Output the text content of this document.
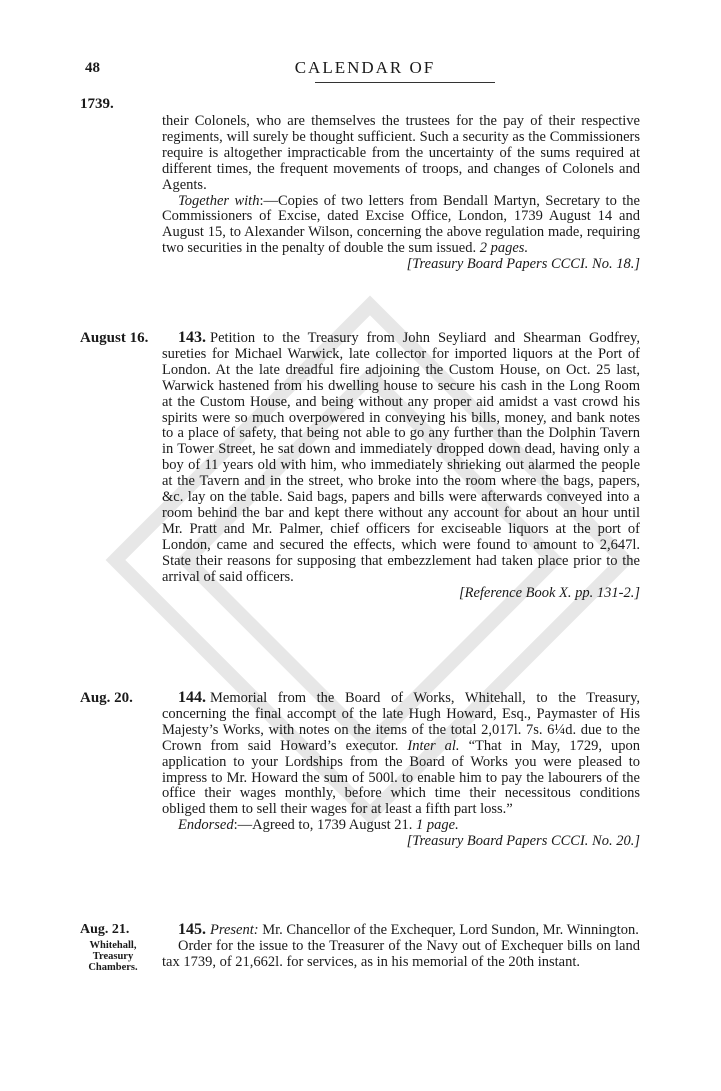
48	CALENDAR OF
1739.

their Colonels, who are themselves the trustees for the pay of their respective regiments, will surely be thought sufficient. Such a security as the Commissioners require is altogether impracticable from the uncertainty of the sums required at different times, the frequent movements of troops, and changes of Colonels and Agents.

Together with:—Copies of two letters from Bendall Martyn, Secretary to the Commissioners of Excise, dated Excise Office, London, 1739 August 14 and August 15, to Alexander Wilson, concerning the above regulation made, requiring two securities in the penalty of double the sum issued. 2 pages.

[Treasury Board Papers CCCI. No. 18.]

August 16.	143. Petition to the Treasury from John Seyliard and Shearman Godfrey, sureties for Michael Warwick, late collector for imported liquors at the Port of London. At the late dreadful fire adjoining the Custom House, on Oct. 25 last, Warwick hastened from his dwelling house to secure his cash in the Long Room at the Custom House, and being without any proper aid amidst a vast crowd his spirits were so much overpowered in conveying his bills, money, and bank notes to a place of safety, that being not able to go any further than the Dolphin Tavern in Tower Street, he sat down and immediately dropped down dead, having only a boy of 11 years old with him, who immediately shrieking out alarmed the people at the Tavern and in the street, who broke into the room where the bags, papers, &c. lay on the table. Said bags, papers and bills were afterwards conveyed into a room behind the bar and kept there without any account for about an hour until Mr. Pratt and Mr. Palmer, chief officers for exciseable liquors at the port of London, came and secured the effects, which were found to amount to 2,647l. State their reasons for supposing that embezzlement had taken place prior to the arrival of said officers.

[Reference Book X. pp. 131-2.]

Aug. 20.	144. Memorial from the Board of Works, Whitehall, to the Treasury, concerning the final accompt of the late Hugh Howard, Esq., Paymaster of His Majesty’s Works, with notes on the items of the total 2,017l. 7s. 6¼d. due to the Crown from said Howard’s executor. Inter al. “That in May, 1729, upon application to your Lordships from the Board of Works you were pleased to impress to Mr. Howard the sum of 500l. to enable him to pay the labourers of the office their wages monthly, before which time their necessitous conditions obliged them to sell their wages for at least a fifth part loss.”

Endorsed:—Agreed to, 1739 August 21. 1 page.

[Treasury Board Papers CCCI. No. 20.]

Aug. 21.
Whitehall,
Treasury
Chambers.

145. Present: Mr. Chancellor of the Exchequer, Lord Sundon, Mr. Winnington.

Order for the issue to the Treasurer of the Navy out of Exchequer bills on land tax 1739, of 21,662l. for services, as in his memorial of the 20th instant.
